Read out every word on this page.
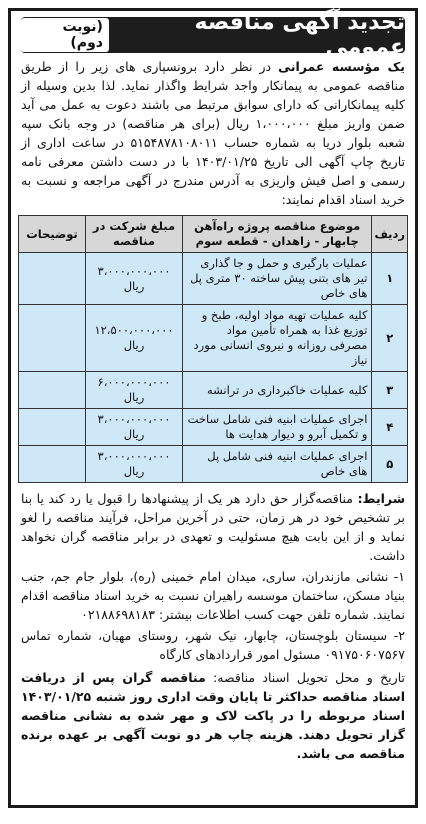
تجدید آگهی مناقصه عمومی
(نوبت دوم)
یک مؤسسه عمرانی در نظر دارد برونسپاری های زیر را از طریق مناقصه عمومی به پیمانکار واجد شرایط واگذار نماید. لذا بدین وسیله از کلیه پیمانکارانی که دارای سوابق مرتبط می باشند دعوت به عمل می آید ضمن واریز مبلغ ۱،۰۰۰،۰۰۰ ریال (برای هر مناقصه) در وجه بانک سپه شعبه بلوار دریا به شماره حساب ۵۱۵۴۸۷۸۱۰۸۰۱۱ در ساعت اداری از تاریخ چاپ آگهی الی تاریخ ۱۴۰۳/۰۱/۲۵ با در دست داشتن معرفی نامه رسمی و اصل فیش واریزی به آدرس مندرج در آگهی مراجعه و نسبت به خرید اسناد اقدام نمایند:
ردیف	موضوع مناقصه پروژه راه‌آهن چابهار - زاهدان - قطعه سوم	مبلغ شرکت در مناقصه	توضیحات
۱	عملیات بارگیری و حمل و جا گذاری تیر های بتنی پیش ساخته ۳۰ متری پل های خاص	۳،۰۰۰،۰۰۰،۰۰۰ ریال	
۲	کلیه عملیات تهیه مواد اولیه، طبخ و توزیع غذا به همراه تأمین مواد مصرفی روزانه و نیروی انسانی مورد نیاز	۱۲،۵۰۰،۰۰۰،۰۰۰ ریال	
۳	کلیه عملیات خاکبرداری در ترانشه	۶،۰۰۰،۰۰۰،۰۰۰ ریال	
۴	اجرای عملیات ابنیه فنی شامل ساخت و تکمیل آبرو و دیوار هدایت ها	۳،۰۰۰،۰۰۰،۰۰۰ ریال	
۵	اجرای عملیات ابنیه فنی شامل پل های خاص	۳،۰۰۰،۰۰۰،۰۰۰ ریال	
شرایط: مناقصه‌گزار حق دارد هر یک از پیشنهادها را قبول یا رد کند یا بنا بر تشخیص خود در هر زمان، حتی در آخرین مراحل، فرآیند مناقصه را لغو نماید و از این بابت هیچ مسئولیت و تعهدی در برابر مناقصه گران نخواهد داشت.
۱- نشانی مازندران، ساری، میدان امام خمینی (ره)، بلوار جام جم، جنب بنیاد مسکن، ساختمان موسسه راهیران نسبت به خرید اسناد مناقصه اقدام نمایند. شماره تلفن جهت کسب اطلاعات بیشتر: ۰۲۱۸۸۶۹۸۱۸۳
۲- سیستان بلوچستان، چابهار، نیک شهر، روستای مهبان، شماره تماس ۰۹۱۷۵۰۶۰۷۵۶۷ مسئول امور قراردادهای کارگاه
تاریخ و محل تحویل اسناد مناقصه: مناقصه گران پس از دریافت اسناد مناقصه حداکثر تا پایان وقت اداری روز شنبه ۱۴۰۳/۰۱/۲۵ اسناد مربوطه را در پاکت لاک و مهر شده به نشانی مناقصه گزار تحویل دهند. هزینه چاپ هر دو نوبت آگهی بر عهده برنده مناقصه می باشد.
